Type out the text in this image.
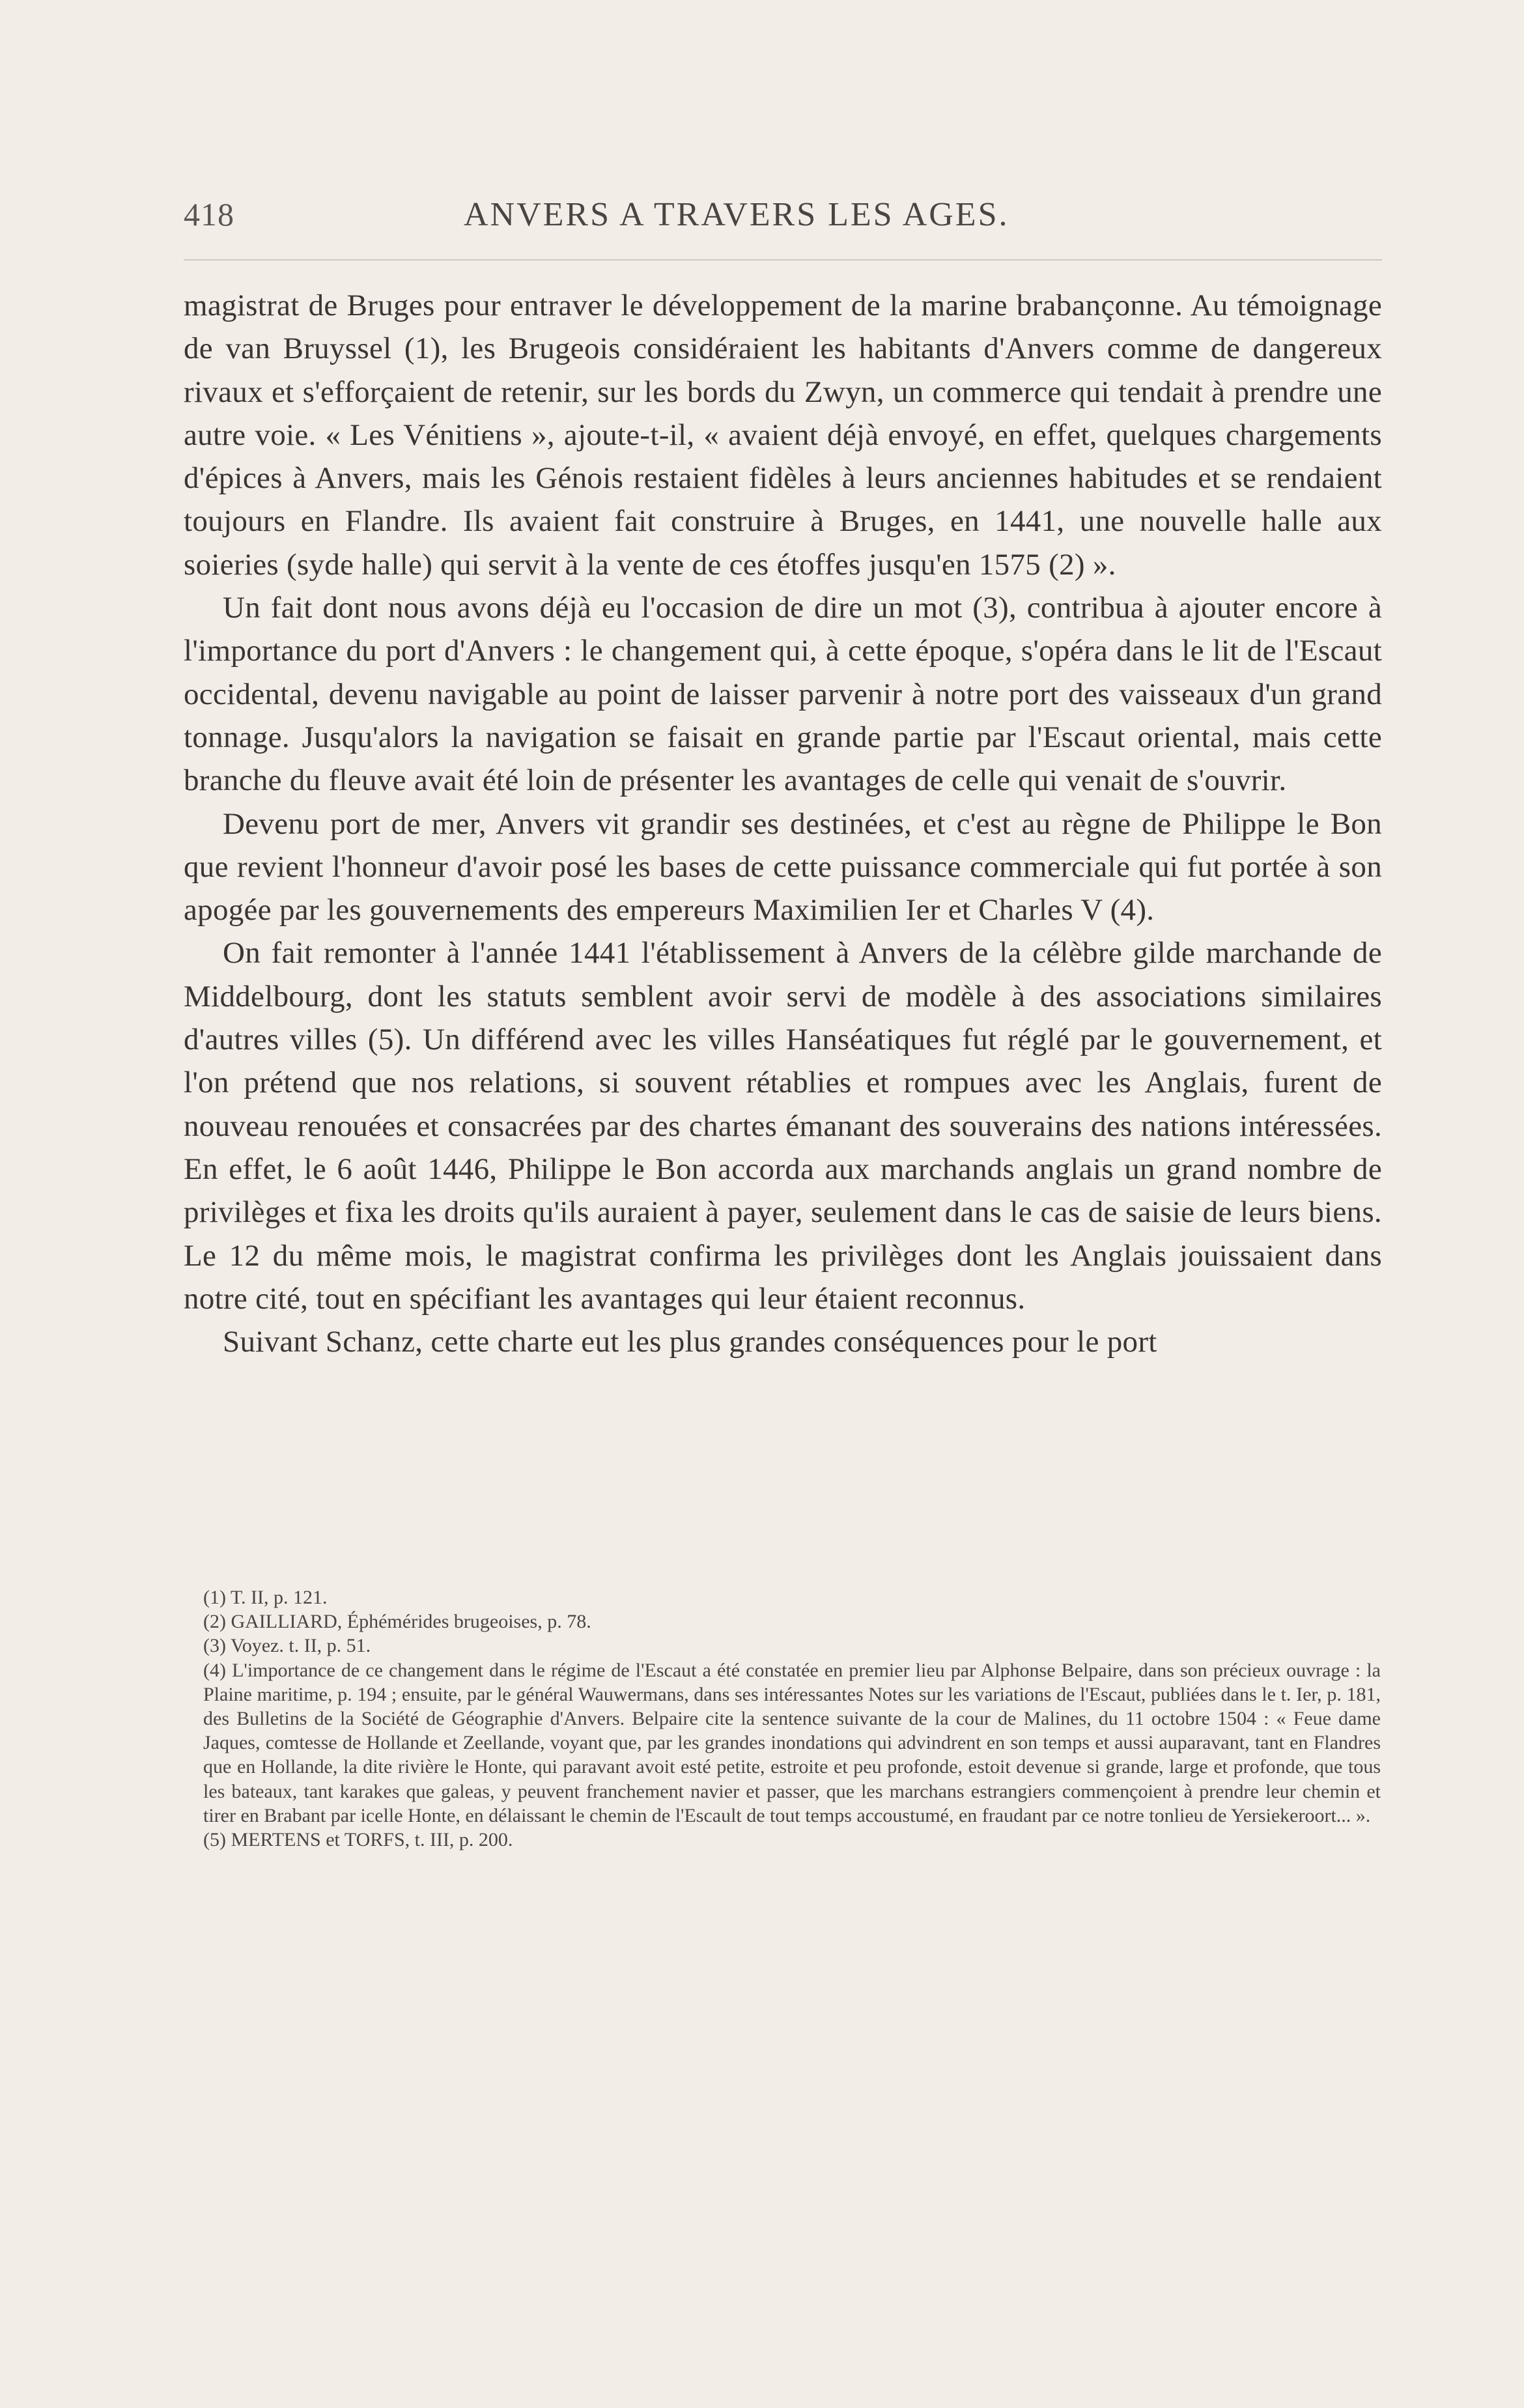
418	ANVERS A TRAVERS LES AGES.

magistrat de Bruges pour entraver le développement de la marine brabançonne. Au témoignage de van Bruyssel (1), les Brugeois considéraient les habitants d'Anvers comme de dangereux rivaux et s'efforçaient de retenir, sur les bords du Zwyn, un commerce qui tendait à prendre une autre voie. « Les Vénitiens », ajoute-t-il, « avaient déjà envoyé, en effet, quelques chargements d'épices à Anvers, mais les Génois restaient fidèles à leurs anciennes habitudes et se rendaient toujours en Flandre. Ils avaient fait construire à Bruges, en 1441, une nouvelle halle aux soieries (syde halle) qui servit à la vente de ces étoffes jusqu'en 1575 (2) ».

Un fait dont nous avons déjà eu l'occasion de dire un mot (3), contribua à ajouter encore à l'importance du port d'Anvers : le changement qui, à cette époque, s'opéra dans le lit de l'Escaut occidental, devenu navigable au point de laisser parvenir à notre port des vaisseaux d'un grand tonnage. Jusqu'alors la navigation se faisait en grande partie par l'Escaut oriental, mais cette branche du fleuve avait été loin de présenter les avantages de celle qui venait de s'ouvrir.

Devenu port de mer, Anvers vit grandir ses destinées, et c'est au règne de Philippe le Bon que revient l'honneur d'avoir posé les bases de cette puissance commerciale qui fut portée à son apogée par les gouvernements des empereurs Maximilien Ier et Charles V (4).

On fait remonter à l'année 1441 l'établissement à Anvers de la célèbre gilde marchande de Middelbourg, dont les statuts semblent avoir servi de modèle à des associations similaires d'autres villes (5). Un différend avec les villes Hanséatiques fut réglé par le gouvernement, et l'on prétend que nos relations, si souvent rétablies et rompues avec les Anglais, furent de nouveau renouées et consacrées par des chartes émanant des souverains des nations intéressées. En effet, le 6 août 1446, Philippe le Bon accorda aux marchands anglais un grand nombre de privilèges et fixa les droits qu'ils auraient à payer, seulement dans le cas de saisie de leurs biens. Le 12 du même mois, le magistrat confirma les privilèges dont les Anglais jouissaient dans notre cité, tout en spécifiant les avantages qui leur étaient reconnus.

Suivant Schanz, cette charte eut les plus grandes conséquences pour le port

(1) T. II, p. 121.

(2) GAILLIARD, Éphémérides brugeoises, p. 78.

(3) Voyez. t. II, p. 51.

(4) L'importance de ce changement dans le régime de l'Escaut a été constatée en premier lieu par Alphonse Belpaire, dans son précieux ouvrage : la Plaine maritime, p. 194 ; ensuite, par le général Wauwermans, dans ses intéressantes Notes sur les variations de l'Escaut, publiées dans le t. Ier, p. 181, des Bulletins de la Société de Géographie d'Anvers. Belpaire cite la sentence suivante de la cour de Malines, du 11 octobre 1504 : « Feue dame Jaques, comtesse de Hollande et Zeellande, voyant que, par les grandes inondations qui advindrent en son temps et aussi auparavant, tant en Flandres que en Hollande, la dite rivière le Honte, qui paravant avoit esté petite, estroite et peu profonde, estoit devenue si grande, large et profonde, que tous les bateaux, tant karakes que galeas, y peuvent franchement navier et passer, que les marchans estrangiers commençoient à prendre leur chemin et tirer en Brabant par icelle Honte, en délaissant le chemin de l'Escault de tout temps accoustumé, en fraudant par ce notre tonlieu de Yersiekeroort... ».

(5) MERTENS et TORFS, t. III, p. 200.
